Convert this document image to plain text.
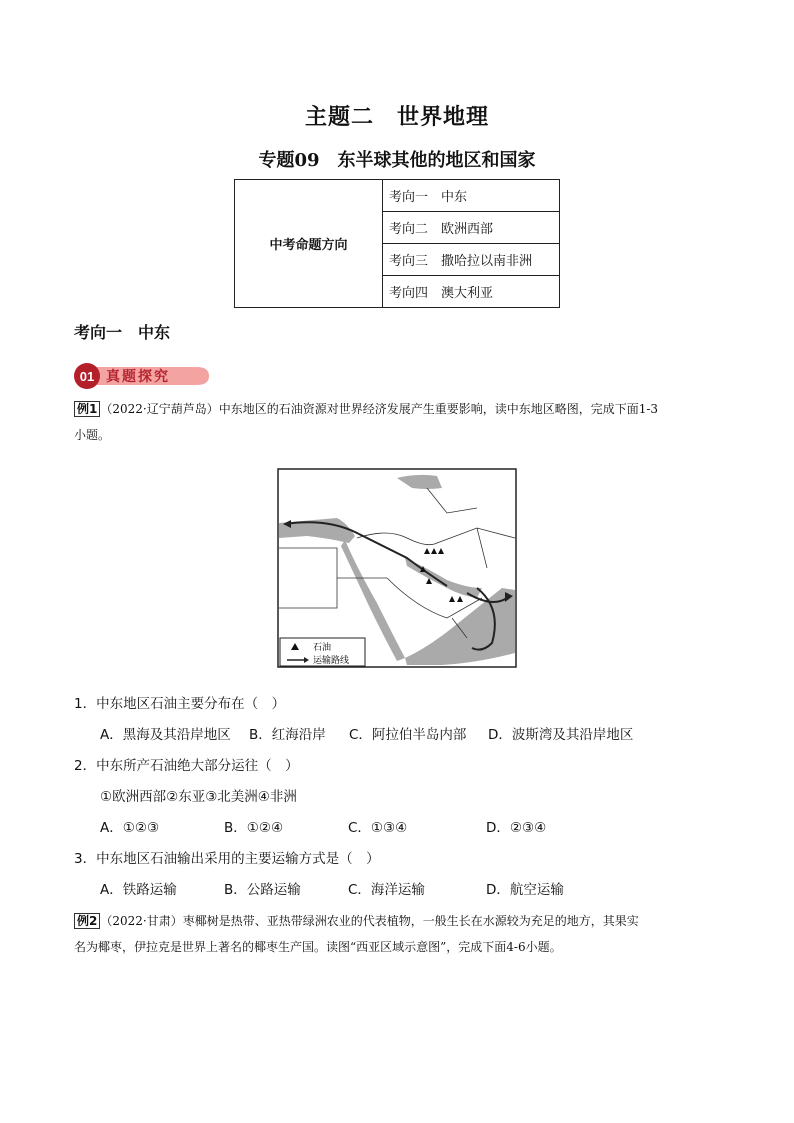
主题二　世界地理
专题09　东半球其他的地区和国家
中考命题方向	考向一　中东
考向二　欧洲西部
考向三　撒哈拉以南非洲
考向四　澳大利亚
考向一　中东
01 真题探究
例1 （2022·辽宁葫芦岛）中东地区的石油资源对世界经济发展产生重要影响，读中东地区略图，完成下面1-3
小题。
石油
运输路线
1．中东地区石油主要分布在（　）
A．黑海及其沿岸地区 B．红海沿岸 C．阿拉伯半岛内部 D．波斯湾及其沿岸地区
2．中东所产石油绝大部分运往（　）
①欧洲西部②东亚③北美洲④非洲
A．①②③	B．①②④	C．①③④	D．②③④
3．中东地区石油输出采用的主要运输方式是（　）
A．铁路运输	B．公路运输	C．海洋运输	D．航空运输
例2 （2022·甘肃）枣椰树是热带、亚热带绿洲农业的代表植物，一般生长在水源较为充足的地方，其果实
名为椰枣，伊拉克是世界上著名的椰枣生产国。读图“西亚区域示意图”，完成下面4-6小题。
